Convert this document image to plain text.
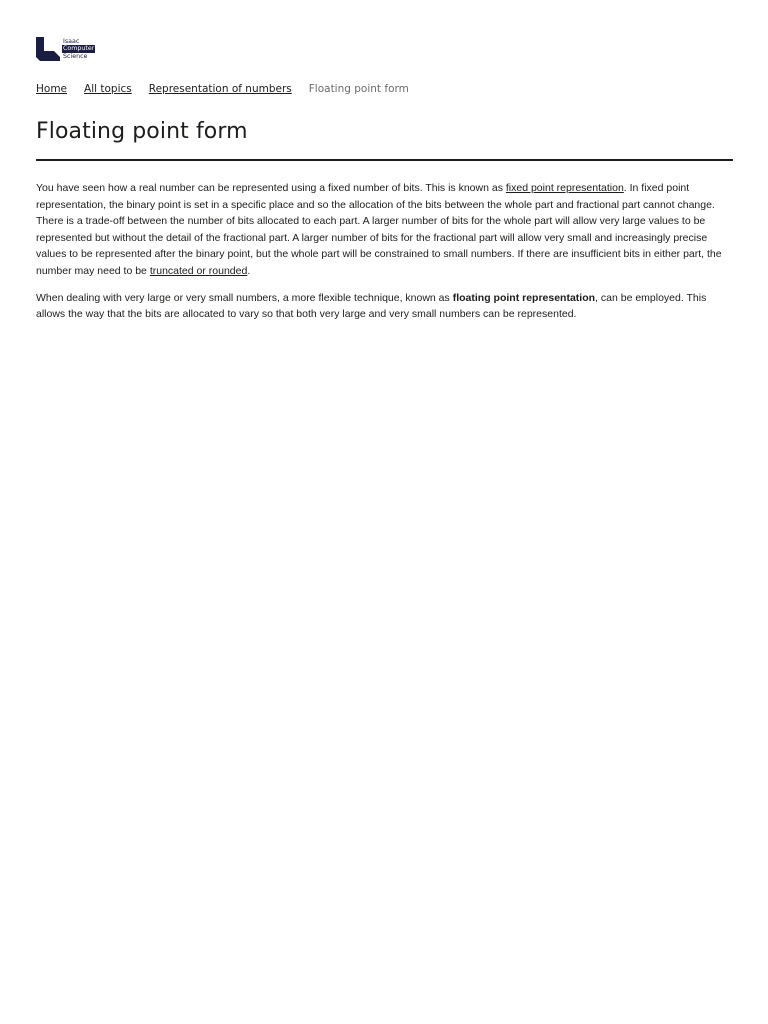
Isaac
Computer
Science
Home All topics Representation of numbers Floating point form
Floating point form

You have seen how a real number can be represented using a fixed number of bits. This is known as fixed point representation. In fixed point representation, the binary point is set in a specific place and so the allocation of the bits between the whole part and fractional part cannot change. There is a trade-off between the number of bits allocated to each part. A larger number of bits for the whole part will allow very large values to be represented but without the detail of the fractional part. A larger number of bits for the fractional part will allow very small and increasingly precise values to be represented after the binary point, but the whole part will be constrained to small numbers. If there are insufficient bits in either part, the number may need to be truncated or rounded.

When dealing with very large or very small numbers, a more flexible technique, known as floating point representation, can be employed. This allows the way that the bits are allocated to vary so that both very large and very small numbers can be represented.
